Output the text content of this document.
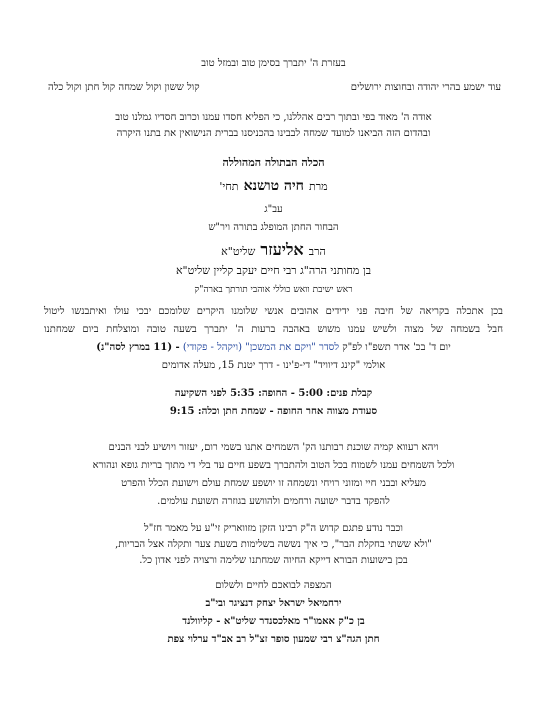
בעזרת ה' יתברך בסימן טוב ובמזל טוב
עוד ישמע בהרי יהודה ובחוצות ירושלים
קול ששון וקול שמחה קול חתן וקול כלה
אודה ה' מאוד בפי ובתוך רבים אהללנו, כי הפליא חסדו עמנו וכרוב חסדיו גמלנו טוב
ובהדום הזה הביאנו למועד שמחה לבבינו בהכניסנו בברית הנישואין את בתנו היקרה
הכלה הבתולה המהוללה
מרת חיה טושנא תחי'
עב"ג
הבחור החתן המופלג בתורה ויר"ש
הרב אליעזר שליט"א
בן מחותני הרה"ג רבי חיים יעקב קליין שליט"א
ראש ישיבת וואש כוללי אוהבי תורתך בארה"ק
בכן אתכלה בקריאה של חיבה פני ידידים אהובים אנשי שלומנו היקרים שלומכם יבכי עולו ואיתבנשו ליטול
חבל בשמחה של מצוה ולשיש עמנו משוש באהבה ברעות ה' יתברך בשעה טובה ומוצלחת ביום שמחתנו
יום ד' בכ' אדר תשפ"ו לפ"ק לסדר "ויקם את המשכן" (ויקהל - פקודי) - (11 במרץ לסה"נ)
אולמי "קינג דיוויד" די-פ'ינו - דרך יטנת 15, מעלה אדומים
קבלת פנים: 5:00 - החופה: 5:35 לפני השקיעה
סעודת מצווה אחר החופה - שמחת חתן וכלה: 9:15
ויהא רעווא קמיה שוכנת רבותנו הק' השמחים אתנו בשמי רום, יעזור ויושיע לבני הבנים
ולכל השמחים עמנו לשמוח בכל הטוב ולהתברך בשפע חיים עד בלי די מתוך בריות גופא ונהורא
מעליא ובבני חיי ומזוני רויחי ונשמחה זו יושפע שמחת עולם וישועת הכלל והפרט
להפקד בדבר ישועה ורחמים ולהוושע בגוזרה תשועת עולמים.
וכבר נודע פתגם קדוש ה"ק רבינו הזקן מזוואריק זי"ע על מאמר חז"ל
"ולא ששתי בחקלת הבר", כי איך נששה בשלימות בשעת צער ותקלה אצל הבריות,
בכן בישועות הבורא דייקא החיוה שמחתנו שלימה ורצויה לפני אדון כל.
המצפה לבואכם לחיים ולשלום
ירחמיאל ישראל יצחק דנציגר ובי"ב
בן כ"ק אאמו"ר מאלכסנדר שליט"א - קליוולנד
חתן הגה"צ רבי שמעון סופר זצ"ל רב אב"ד ערלוי צפת
